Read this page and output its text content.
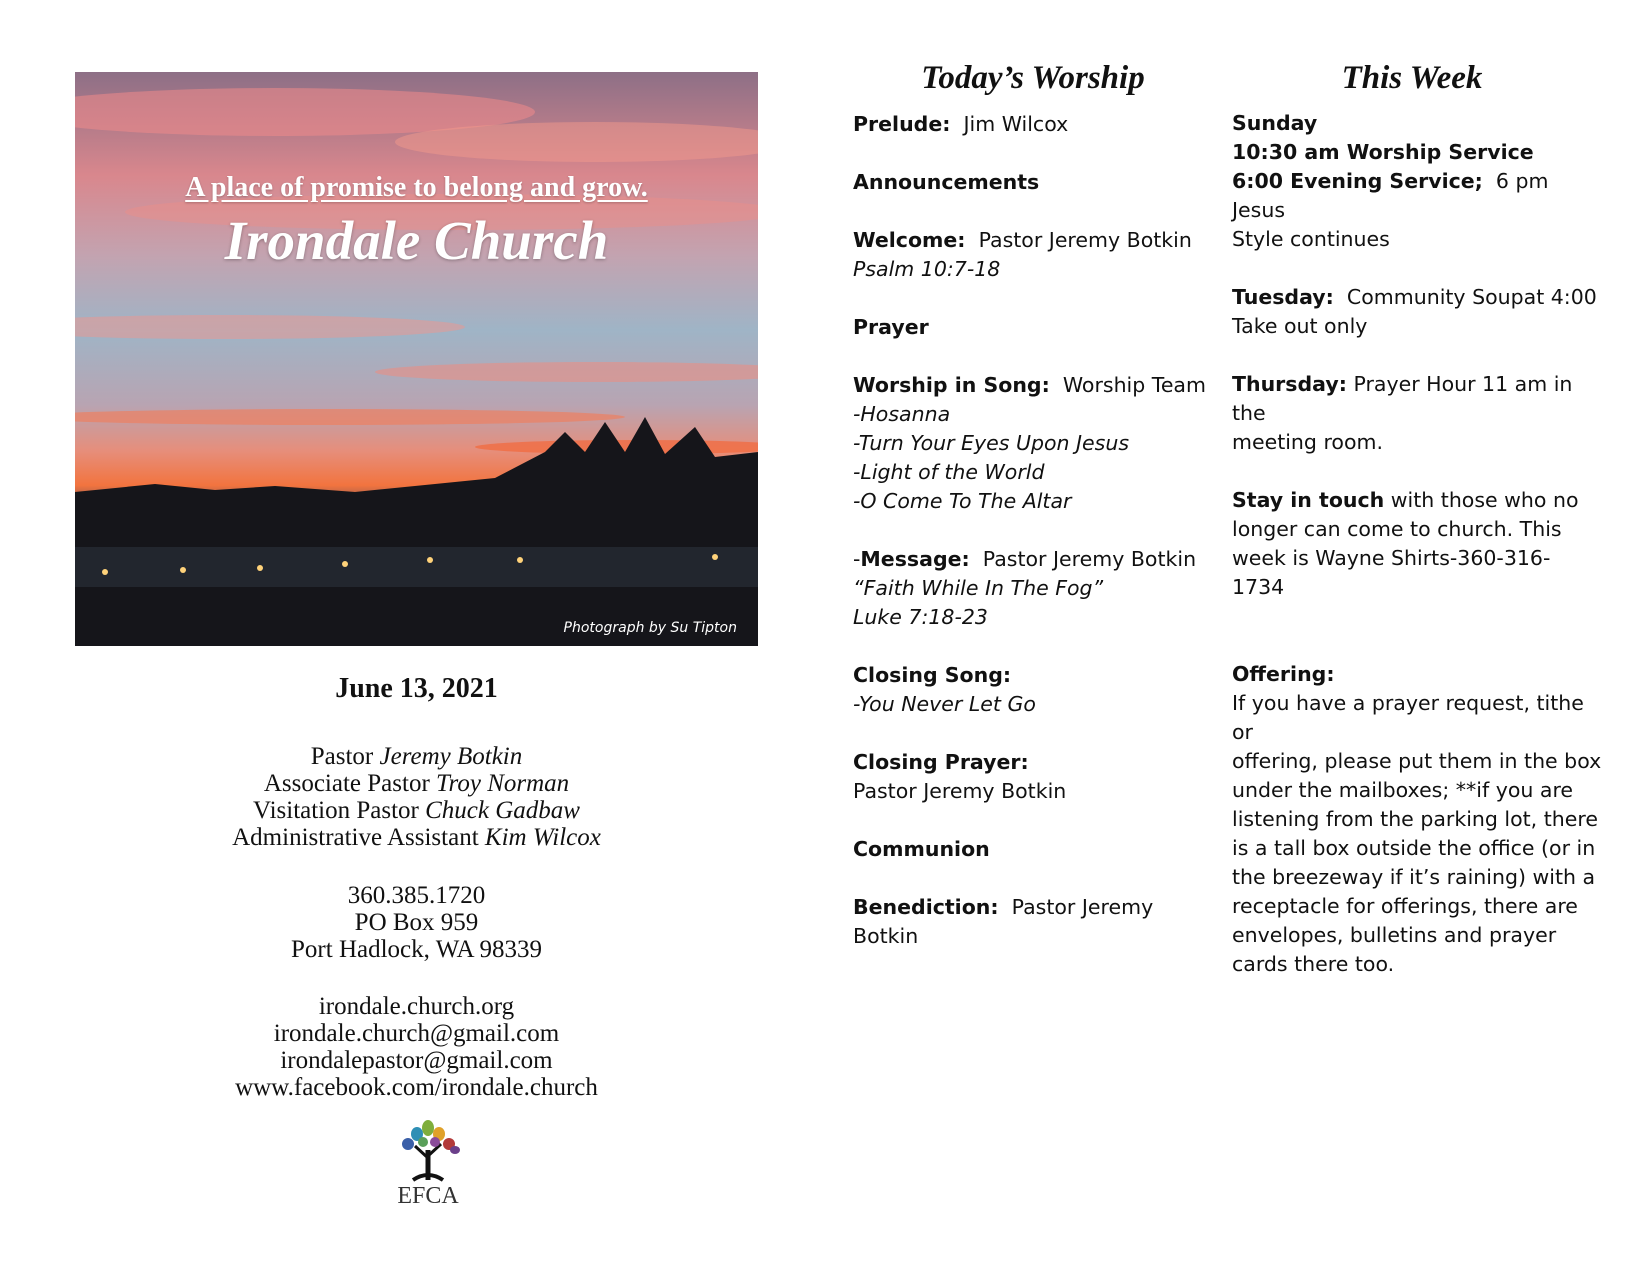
A place of promise to belong and grow.
Irondale Church
Photograph by Su Tipton
June 13, 2021
Pastor Jeremy Botkin
Associate Pastor Troy Norman
Visitation Pastor Chuck Gadbaw
Administrative Assistant Kim Wilcox
360.385.1720
PO Box 959
Port Hadlock, WA 98339
irondale.church.org
irondale.church@gmail.com
irondalepastor@gmail.com
www.facebook.com/irondale.church
EFCA
Today’s Worship
Prelude: Jim Wilcox
Announcements
Welcome: Pastor Jeremy Botkin
Psalm 10:7-18
Prayer
Worship in Song: Worship Team
-Hosanna
-Turn Your Eyes Upon Jesus
-Light of the World
-O Come To The Altar
-Message: Pastor Jeremy Botkin
“Faith While In The Fog”
Luke 7:18-23
Closing Song:
-You Never Let Go
Closing Prayer:
Pastor Jeremy Botkin
Communion
Benediction: Pastor Jeremy Botkin
This Week
Sunday
10:30 am Worship Service
6:00 Evening Service; 6 pm Jesus
Style continues
Tuesday: Community Soupat 4:00
Take out only
Thursday: Prayer Hour 11 am in the
meeting room.
Stay in touch with those who no
longer can come to church. This
week is Wayne Shirts-360-316-1734
Offering:
If you have a prayer request, tithe or
offering, please put them in the box
under the mailboxes; **if you are
listening from the parking lot, there
is a tall box outside the office (or in
the breezeway if it’s raining) with a
receptacle for offerings, there are
envelopes, bulletins and prayer
cards there too.
